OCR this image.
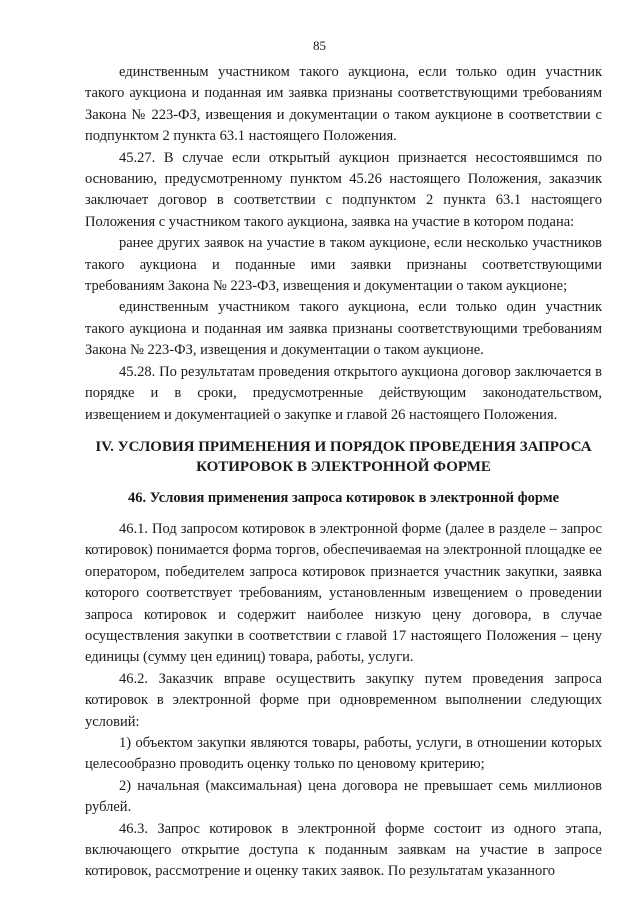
85

единственным участником такого аукциона, если только один участник такого аукциона и поданная им заявка признаны соответствующими требованиям Закона № 223-ФЗ, извещения и документации о таком аукционе в соответствии с подпунктом 2 пункта 63.1 настоящего Положения.

45.27. В случае если открытый аукцион признается несостоявшимся по основанию, предусмотренному пунктом 45.26 настоящего Положения, заказчик заключает договор в соответствии с подпунктом 2 пункта 63.1 настоящего Положения с участником такого аукциона, заявка на участие в котором подана:

ранее других заявок на участие в таком аукционе, если несколько участников такого аукциона и поданные ими заявки признаны соответствующими требованиям Закона № 223-ФЗ, извещения и документации о таком аукционе;

единственным участником такого аукциона, если только один участник такого аукциона и поданная им заявка признаны соответствующими требованиям Закона № 223-ФЗ, извещения и документации о таком аукционе.

45.28. По результатам проведения открытого аукциона договор заключается в порядке и в сроки, предусмотренные действующим законодательством, извещением и документацией о закупке и главой 26 настоящего Положения.

IV. УСЛОВИЯ ПРИМЕНЕНИЯ И ПОРЯДОК ПРОВЕДЕНИЯ ЗАПРОСА

КОТИРОВОК В ЭЛЕКТРОННОЙ ФОРМЕ

46. Условия применения запроса котировок в электронной форме

46.1. Под запросом котировок в электронной форме (далее в разделе – запрос котировок) понимается форма торгов, обеспечиваемая на электронной площадке ее оператором, победителем запроса котировок признается участник закупки, заявка которого соответствует требованиям, установленным извещением о проведении запроса котировок и содержит наиболее низкую цену договора, в случае осуществления закупки в соответствии с главой 17 настоящего Положения – цену единицы (сумму цен единиц) товара, работы, услуги.

46.2. Заказчик вправе осуществить закупку путем проведения запроса котировок в электронной форме при одновременном выполнении следующих условий:

1) объектом закупки являются товары, работы, услуги, в отношении которых целесообразно проводить оценку только по ценовому критерию;

2) начальная (максимальная) цена договора не превышает семь миллионов рублей.

46.3. Запрос котировок в электронной форме состоит из одного этапа, включающего открытие доступа к поданным заявкам на участие в запросе котировок, рассмотрение и оценку таких заявок. По результатам указанного
